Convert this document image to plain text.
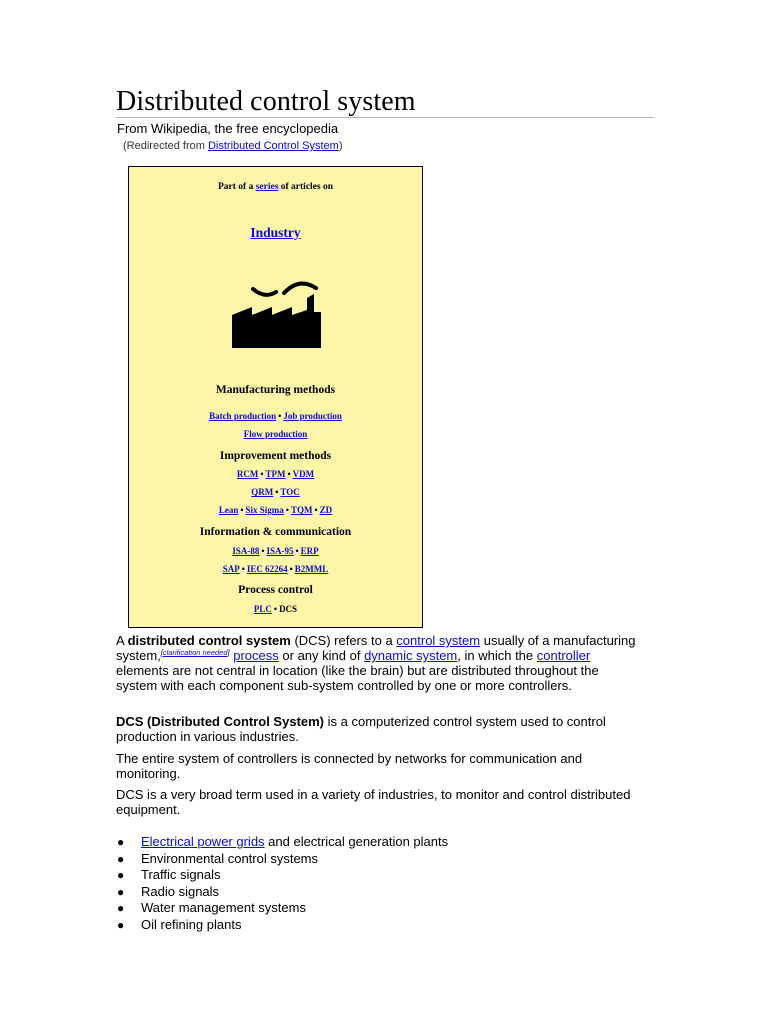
Distributed control system
From Wikipedia, the free encyclopedia
(Redirected from Distributed Control System)
Part of a series of articles on
Industry
Manufacturing methods
Batch production • Job production
Flow production
Improvement methods
RCM • TPM • VDM
QRM • TOC
Lean • Six Sigma • TQM • ZD
Information & communication
ISA-88 • ISA-95 • ERP
SAP • IEC 62264 • B2MML
Process control
PLC • DCS

A distributed control system (DCS) refers to a control system usually of a manufacturing system,[clarification needed] process or any kind of dynamic system, in which the controller elements are not central in location (like the brain) but are distributed throughout the system with each component sub-system controlled by one or more controllers.

DCS (Distributed Control System) is a computerized control system used to control production in various industries.

The entire system of controllers is connected by networks for communication and monitoring.

DCS is a very broad term used in a variety of industries, to monitor and control distributed equipment.

● Electrical power grids and electrical generation plants
● Environmental control systems
● Traffic signals
● Radio signals
● Water management systems
● Oil refining plants
